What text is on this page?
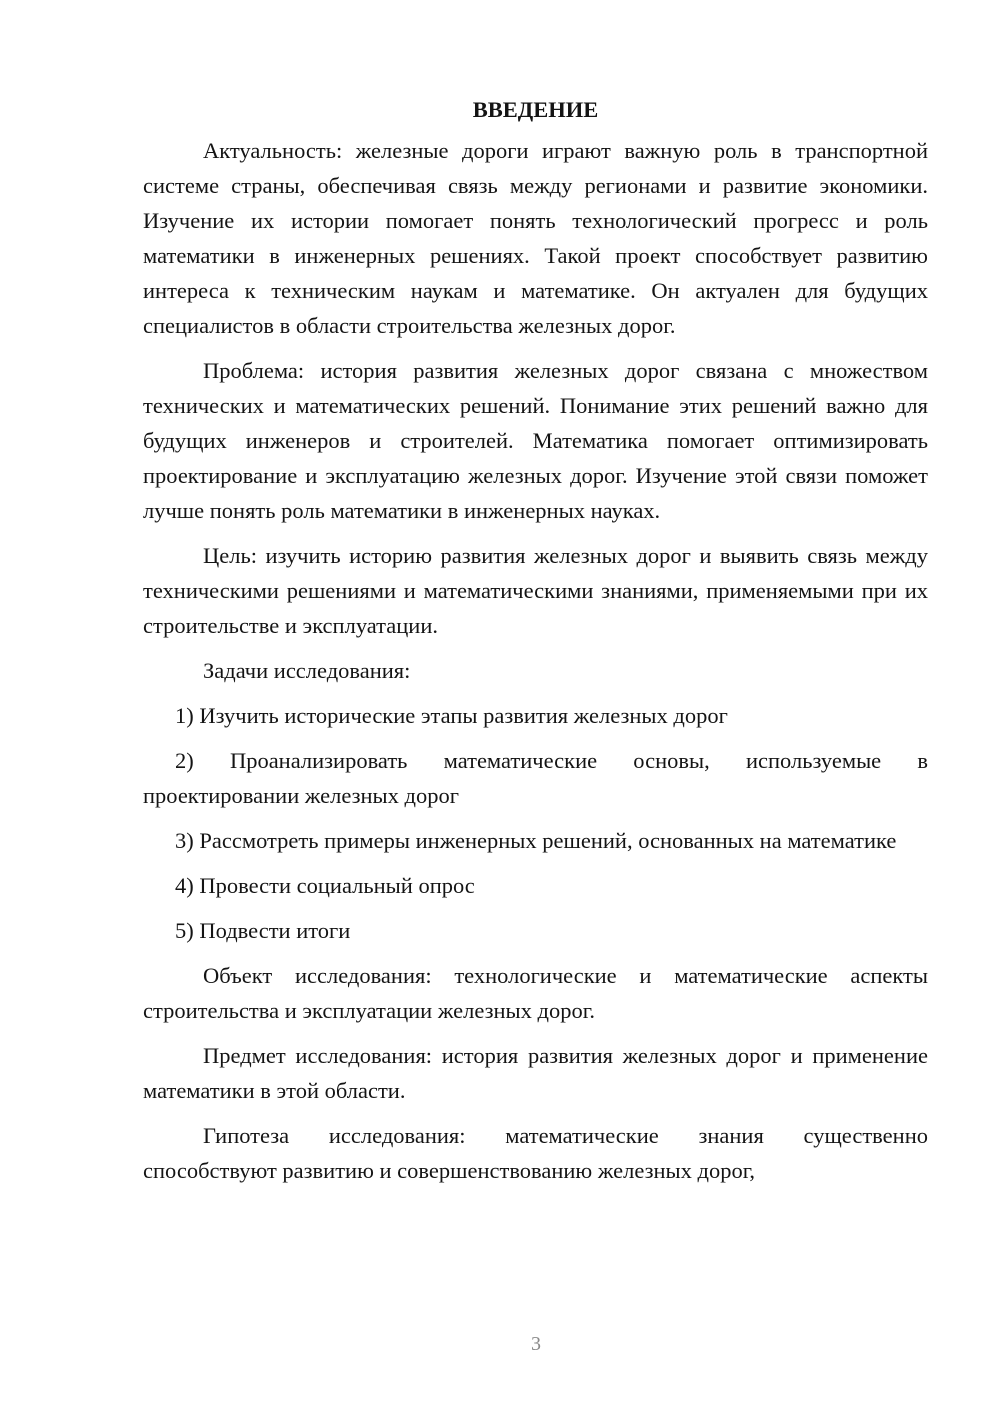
ВВЕДЕНИЕ

Актуальность: железные дороги играют важную роль в транспортной системе страны, обеспечивая связь между регионами и развитие экономики. Изучение их истории помогает понять технологический прогресс и роль математики в инженерных решениях. Такой проект способствует развитию интереса к техническим наукам и математике. Он актуален для будущих специалистов в области строительства железных дорог.

Проблема: история развития железных дорог связана с множеством технических и математических решений. Понимание этих решений важно для будущих инженеров и строителей. Математика помогает оптимизировать проектирование и эксплуатацию железных дорог. Изучение этой связи поможет лучше понять роль математики в инженерных науках.

Цель: изучить историю развития железных дорог и выявить связь между техническими решениями и математическими знаниями, применяемыми при их строительстве и эксплуатации.

Задачи исследования:

1) Изучить исторические этапы развития железных дорог

2) Проанализировать математические основы, используемые в проектировании железных дорог

3) Рассмотреть примеры инженерных решений, основанных на математике

4) Провести социальный опрос

5) Подвести итоги

Объект исследования: технологические и математические аспекты строительства и эксплуатации железных дорог.

Предмет исследования: история развития железных дорог и применение математики в этой области.

Гипотеза исследования: математические знания существенно способствуют развитию и совершенствованию железных дорог,

3
